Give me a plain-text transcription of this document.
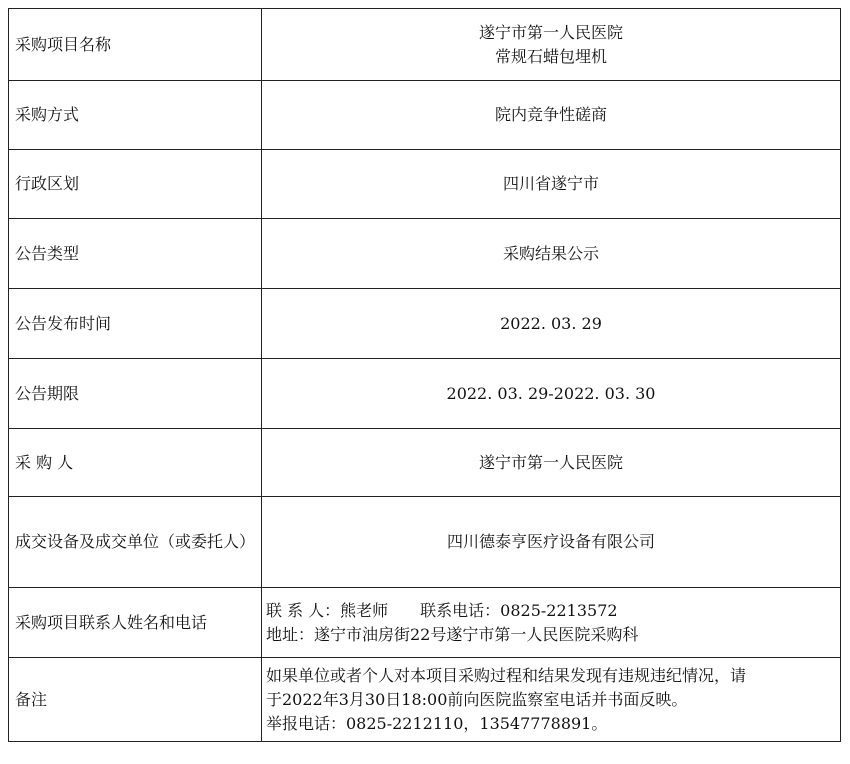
采购项目名称	遂宁市第一人民医院
常规石蜡包埋机

采购方式	院内竞争性磋商
行政区划	四川省遂宁市
公告类型	采购结果公示
公告发布时间	2022. 03. 29
公告期限	2022. 03. 29-2022. 03. 30
采 购 人	遂宁市第一人民医院
成交设备及成交单位（或委托人）	四川德泰亨医疗设备有限公司
采购项目联系人姓名和电话	联 系 人：熊老师　　联系电话：0825-2213572
地址：遂宁市油房街22号遂宁市第一人民医院采购科

备注	如果单位或者个人对本项目采购过程和结果发现有违规违纪情况，请
于2022年3月30日18:00前向医院监察室电话并书面反映。
举报电话：0825-2212110，13547778891。
